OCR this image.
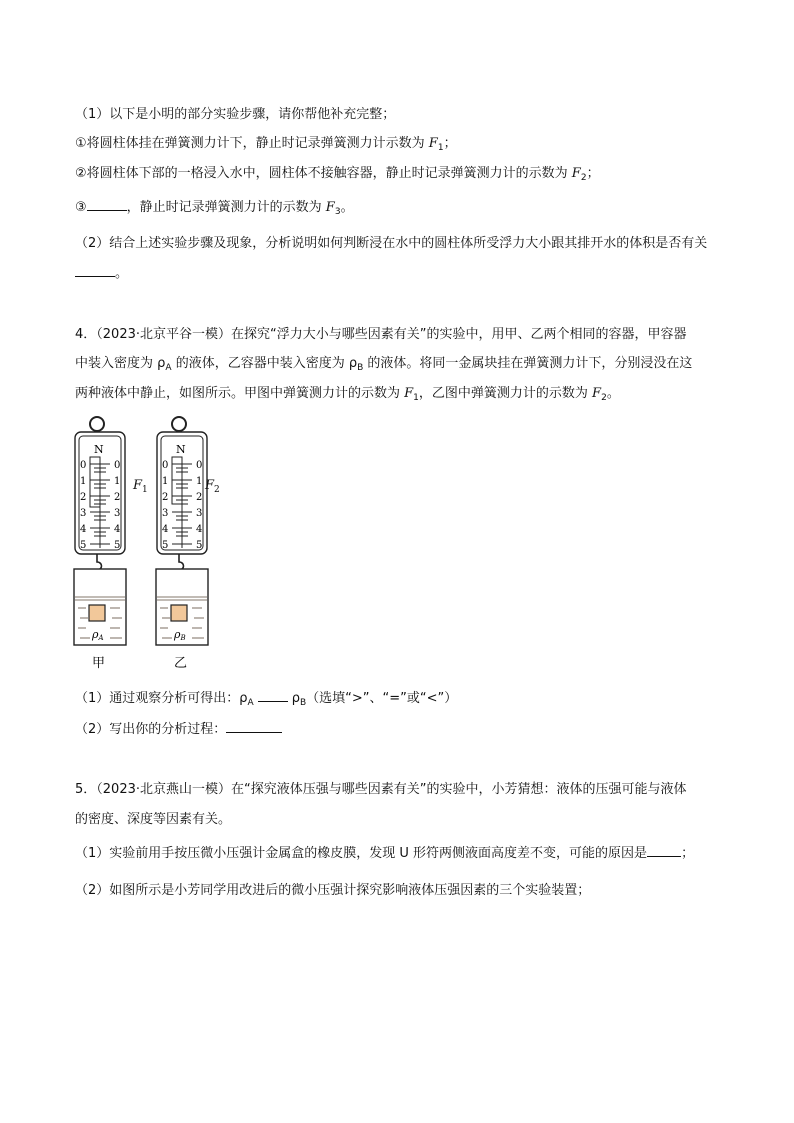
（1）以下是小明的部分实验步骤，请你帮他补充完整；
①将圆柱体挂在弹簧测力计下，静止时记录弹簧测力计示数为 $F_1$；
②将圆柱体下部的一格浸入水中，圆柱体不接触容器，静止时记录弹簧测力计的示数为 $F_2$；
③	，静止时记录弹簧测力计的示数为 $F_3$。
（2）结合上述实验步骤及现象，分析说明如何判断浸在水中的圆柱体所受浮力大小跟其排开水的体积是否有关。
4．（2023·北京平谷一模）在探究“浮力大小与哪些因素有关”的实验中，用甲、乙两个相同的容器，甲容器
中装入密度为 $\rho_A$ 的液体，乙容器中装入密度为 $\rho_B$ 的液体。将同一金属块挂在弹簧测力计下，分别浸没在这
两种液体中静止，如图所示。甲图中弹簧测力计的示数为 $F_1$，乙图中弹簧测力计的示数为 $F_2$。
N
0	0
1	1
2	2
3	3
4	4
5	5
ρA
甲
N
0	0
1	1
2	2
3	3
4	4
5	5
ρB
乙
$F_1$	$F_2$
（1）通过观察分析可得出：$\rho_A$	$\rho_B$（选填“>”、“=”或“<”）
（2）写出你的分析过程：
5．（2023·北京燕山一模）在“探究液体压强与哪些因素有关”的实验中，小芳猜想：液体的压强可能与液体
的密度、深度等因素有关。
（1）实验前用手按压微小压强计金属盒的橡皮膜，发现 U 形符两侧液面高度差不变，可能的原因是	；
（2）如图所示是小芳同学用改进后的微小压强计探究影响液体压强因素的三个实验装置；
